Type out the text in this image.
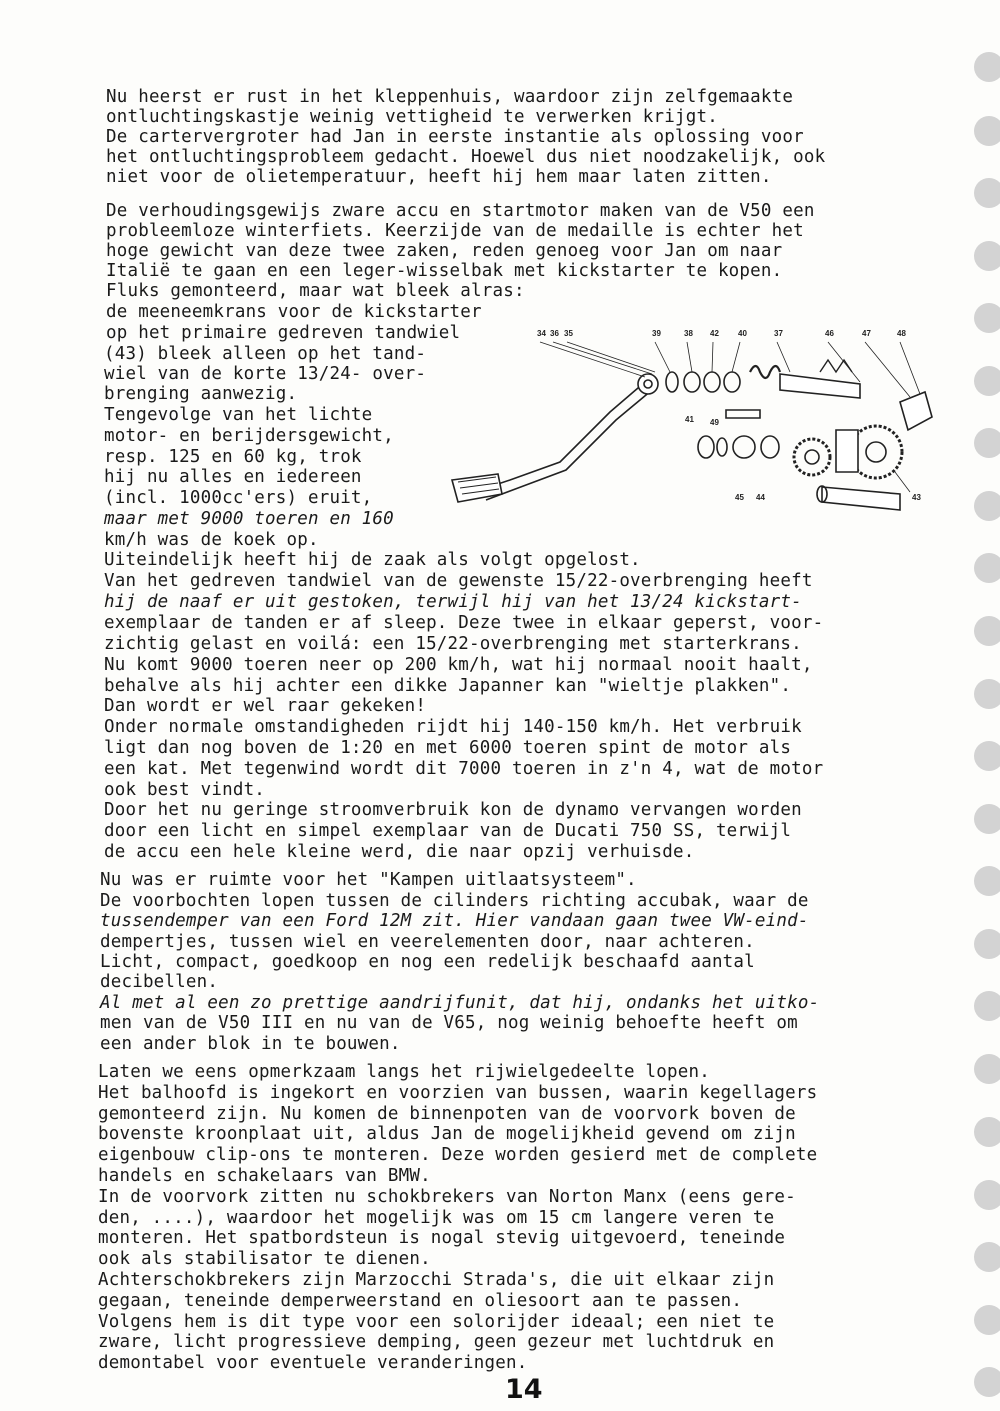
Nu heerst er rust in het kleppenhuis, waardoor zijn zelfgemaakte
ontluchtingskastje weinig vettigheid te verwerken krijgt.
De cartervergroter had Jan in eerste instantie als oplossing voor
het ontluchtingsprobleem gedacht. Hoewel dus niet noodzakelijk, ook
niet voor de olietemperatuur, heeft hij hem maar laten zitten.
De verhoudingsgewijs zware accu en startmotor maken van de V50 een
probleemloze winterfiets. Keerzijde van de medaille is echter het
hoge gewicht van deze twee zaken, reden genoeg voor Jan om naar
Italië te gaan en een leger-wisselbak met kickstarter te kopen.
Fluks gemonteerd, maar wat bleek alras:
de meeneemkrans voor de kickstarter
op het primaire gedreven tandwiel
(43) bleek alleen op het tand-
wiel van de korte 13/24- over-
brenging aanwezig.
Tengevolge van het lichte
motor- en berijdersgewicht,
resp. 125 en 60 kg, trok
hij nu alles en iedereen
(incl. 1000cc'ers) eruit,
maar met 9000 toeren en 160
km/h was de koek op.
Uiteindelijk heeft hij de zaak als volgt opgelost.
Van het gedreven tandwiel van de gewenste 15/22-overbrenging heeft
hij de naaf er uit gestoken, terwijl hij van het 13/24 kickstart-
exemplaar de tanden er af sleep. Deze twee in elkaar geperst, voor-
zichtig gelast en voilá: een 15/22-overbrenging met starterkrans.
Nu komt 9000 toeren neer op 200 km/h, wat hij normaal nooit haalt,
behalve als hij achter een dikke Japanner kan "wieltje plakken".
Dan wordt er wel raar gekeken!
Onder normale omstandigheden rijdt hij 140-150 km/h. Het verbruik
ligt dan nog boven de 1:20 en met 6000 toeren spint de motor als
een kat. Met tegenwind wordt dit 7000 toeren in z'n 4, wat de motor
ook best vindt.
Door het nu geringe stroomverbruik kon de dynamo vervangen worden
door een licht en simpel exemplaar van de Ducati 750 SS, terwijl
de accu een hele kleine werd, die naar opzij verhuisde.
Nu was er ruimte voor het "Kampen uitlaatsysteem".
De voorbochten lopen tussen de cilinders richting accubak, waar de
tussendemper van een Ford 12M zit. Hier vandaan gaan twee VW-eind-
dempertjes, tussen wiel en veerelementen door, naar achteren.
Licht, compact, goedkoop en nog een redelijk beschaafd aantal
decibellen.
Al met al een zo prettige aandrijfunit, dat hij, ondanks het uitko-
men van de V50 III en nu van de V65, nog weinig behoefte heeft om
een ander blok in te bouwen.
Laten we eens opmerkzaam langs het rijwielgedeelte lopen.
Het balhoofd is ingekort en voorzien van bussen, waarin kegellagers
gemonteerd zijn. Nu komen de binnenpoten van de voorvork boven de
bovenste kroonplaat uit, aldus Jan de mogelijkheid gevend om zijn
eigenbouw clip-ons te monteren. Deze worden gesierd met de complete
handels en schakelaars van BMW.
In de voorvork zitten nu schokbrekers van Norton Manx (eens gere-
den, ....), waardoor het mogelijk was om 15 cm langere veren te
monteren. Het spatbordsteun is nogal stevig uitgevoerd, teneinde
ook als stabilisator te dienen.
Achterschokbrekers zijn Marzocchi Strada's, die uit elkaar zijn
gegaan, teneinde demperweerstand en oliesoort aan te passen.
Volgens hem is dit type voor een solorijder ideaal; een niet te
zware, licht progressieve demping, geen gezeur met luchtdruk en
demontabel voor eventuele veranderingen.
14
34 36 35	39	38 42 40	37	46	47	48
41 49
45 44	43
